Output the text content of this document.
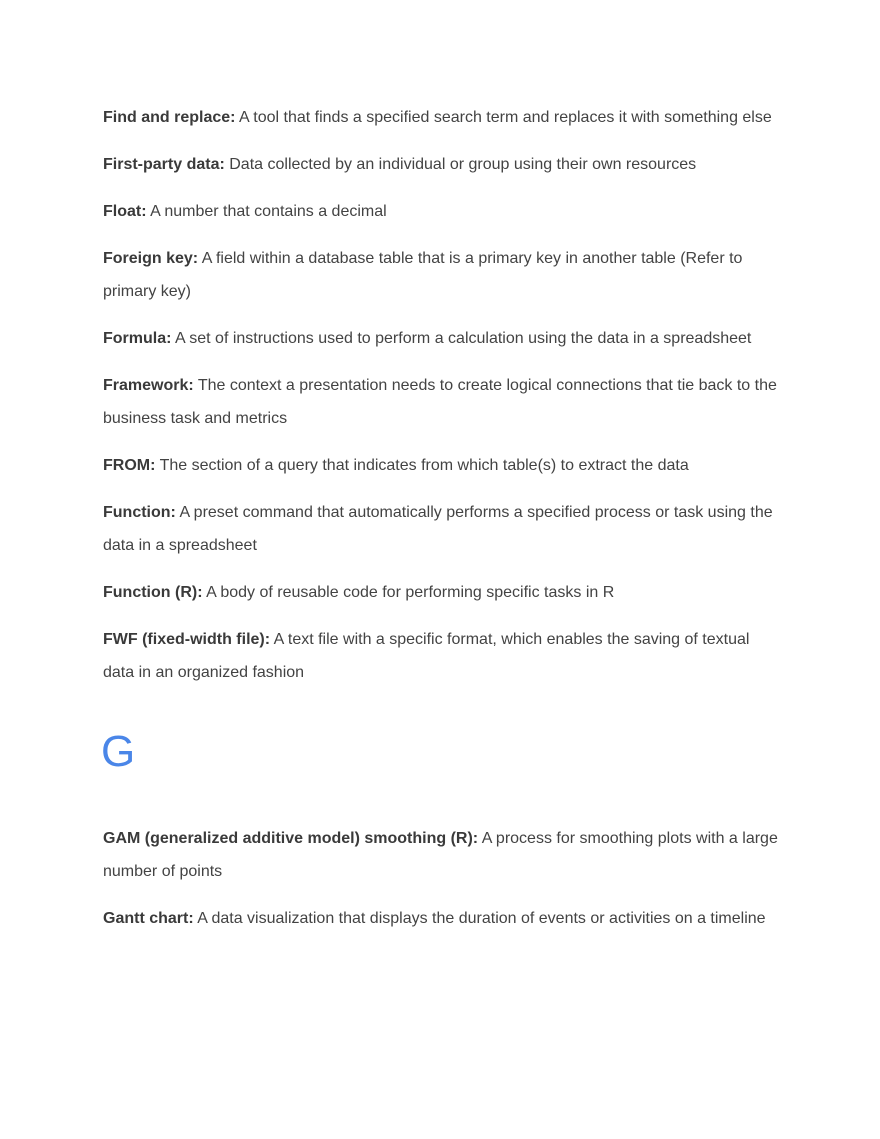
Find and replace: A tool that finds a specified search term and replaces it with something else

First-party data: Data collected by an individual or group using their own resources

Float: A number that contains a decimal

Foreign key: A field within a database table that is a primary key in another table (Refer to primary key)

Formula: A set of instructions used to perform a calculation using the data in a spreadsheet

Framework: The context a presentation needs to create logical connections that tie back to the business task and metrics

FROM: The section of a query that indicates from which table(s) to extract the data

Function: A preset command that automatically performs a specified process or task using the data in a spreadsheet

Function (R): A body of reusable code for performing specific tasks in R

FWF (fixed-width file): A text file with a specific format, which enables the saving of textual data in an organized fashion

G

GAM (generalized additive model) smoothing (R): A process for smoothing plots with a large number of points

Gantt chart: A data visualization that displays the duration of events or activities on a timeline
